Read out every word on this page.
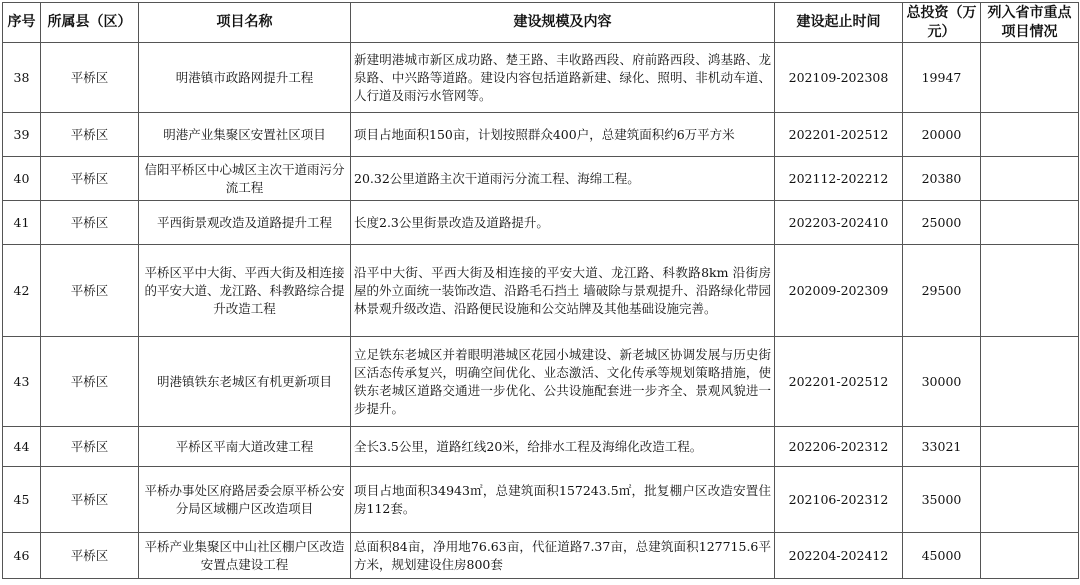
序号	所属县（区）	项目名称	建设规模及内容	建设起止时间	总投资（万元）	列入省市重点项目情况
38	平桥区	明港镇市政路网提升工程	新建明港城市新区成功路、楚王路、丰收路西段、府前路西段、鸿基路、龙泉路、中兴路等道路。建设内容包括道路新建、绿化、照明、非机动车道、人行道及雨污水管网等。	202109-202308	19947	
39	平桥区	明港产业集聚区安置社区项目	项目占地面积150亩，计划按照群众400户，总建筑面积约6万平方米	202201-202512	20000	
40	平桥区	信阳平桥区中心城区主次干道雨污分流工程	20.32公里道路主次干道雨污分流工程、海绵工程。	202112-202212	20380	
41	平桥区	平西街景观改造及道路提升工程	长度2.3公里街景改造及道路提升。	202203-202410	25000	
42	平桥区	平桥区平中大街、平西大街及相连接的平安大道、龙江路、科教路综合提升改造工程	沿平中大街、平西大街及相连接的平安大道、龙江路、科教路8km 沿街房屋的外立面统一装饰改造、沿路毛石挡土 墙破除与景观提升、沿路绿化带园林景观升级改造、沿路便民设施和公交站牌及其他基础设施完善。	202009-202309	29500	
43	平桥区	明港镇铁东老城区有机更新项目	立足铁东老城区并着眼明港城区花园小城建设、新老城区协调发展与历史街区活态传承复兴，明确空间优化、业态激活、文化传承等规划策略措施，使铁东老城区道路交通进一步优化、公共设施配套进一步齐全、景观风貌进一步提升。	202201-202512	30000	
44	平桥区	平桥区平南大道改建工程	全长3.5公里，道路红线20米，给排水工程及海绵化改造工程。	202206-202312	33021	
45	平桥区	平桥办事处区府路居委会原平桥公安分局区域棚户区改造项目	项目占地面积34943㎡，总建筑面积157243.5㎡，批复棚户区改造安置住房112套。	202106-202312	35000	
46	平桥区	平桥产业集聚区中山社区棚户区改造安置点建设工程	总面积84亩，净用地76.63亩，代征道路7.37亩，总建筑面积127715.6平方米，规划建设住房800套	202204-202412	45000	
